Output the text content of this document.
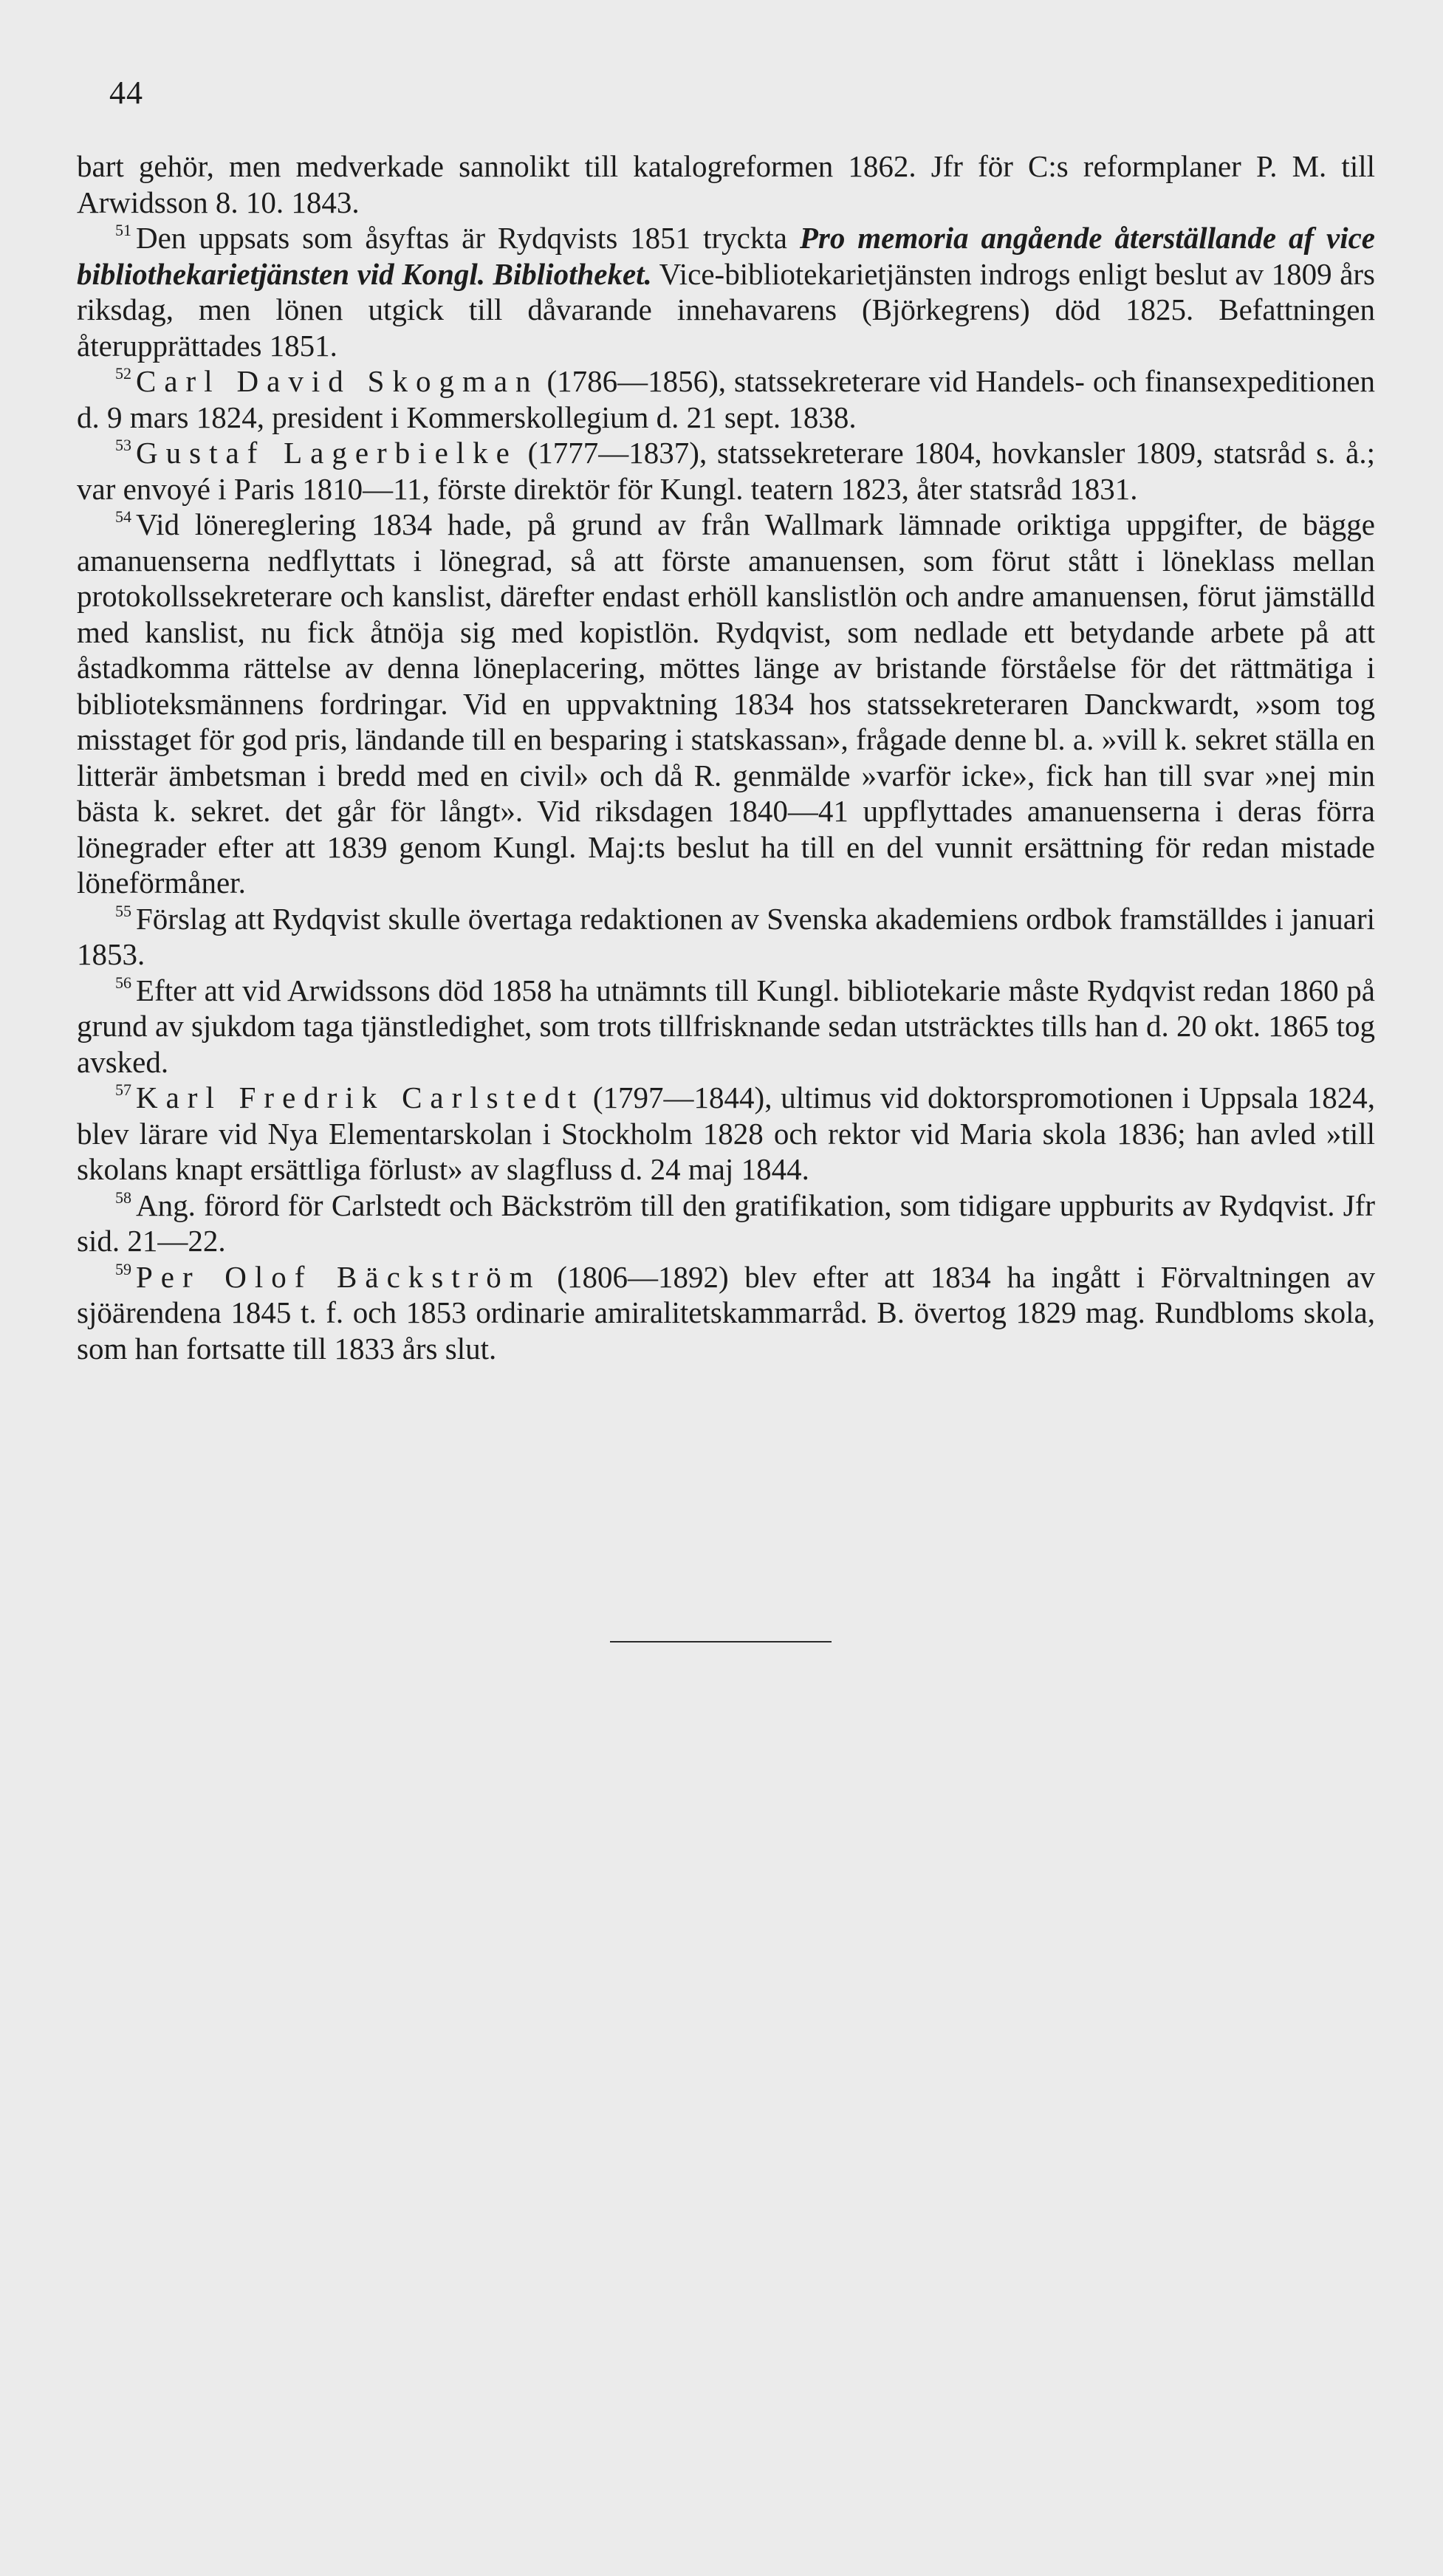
44

bart gehör, men medverkade sannolikt till katalogreformen 1862. Jfr för C:s reformplaner P. M. till Arwidsson 8. 10. 1843.

51 Den uppsats som åsyftas är Rydqvists 1851 tryckta Pro memoria angående återställande af vice bibliothekarietjänsten vid Kongl. Bibliotheket. Vice-bibliotekarietjänsten indrogs enligt beslut av 1809 års riksdag, men lönen utgick till dåvarande innehavarens (Björkegrens) död 1825. Befattningen återupprättades 1851.

52 Carl David Skogman (1786—1856), statssekreterare vid Handels- och finansexpeditionen d. 9 mars 1824, president i Kommerskollegium d. 21 sept. 1838.

53 Gustaf Lagerbielke (1777—1837), statssekreterare 1804, hovkansler 1809, statsråd s. å.; var envoyé i Paris 1810—11, förste direktör för Kungl. teatern 1823, åter statsråd 1831.

54 Vid lönereglering 1834 hade, på grund av från Wallmark lämnade oriktiga uppgifter, de bägge amanuenserna nedflyttats i lönegrad, så att förste amanuensen, som förut stått i löneklass mellan protokollssekreterare och kanslist, därefter endast erhöll kanslistlön och andre amanuensen, förut jämställd med kanslist, nu fick åtnöja sig med kopistlön. Rydqvist, som nedlade ett betydande arbete på att åstadkomma rättelse av denna löneplacering, möttes länge av bristande förståelse för det rättmätiga i biblioteksmännens fordringar. Vid en uppvaktning 1834 hos statssekreteraren Danckwardt, »som tog misstaget för god pris, ländande till en besparing i statskassan», frågade denne bl. a. »vill k. sekret ställa en litterär ämbetsman i bredd med en civil» och då R. genmälde »varför icke», fick han till svar »nej min bästa k. sekret. det går för långt». Vid riksdagen 1840—41 uppflyttades amanuenserna i deras förra lönegrader efter att 1839 genom Kungl. Maj:ts beslut ha till en del vunnit ersättning för redan mistade löneförmåner.

55 Förslag att Rydqvist skulle övertaga redaktionen av Svenska akademiens ordbok framställdes i januari 1853.

56 Efter att vid Arwidssons död 1858 ha utnämnts till Kungl. bibliotekarie måste Rydqvist redan 1860 på grund av sjukdom taga tjänstledighet, som trots tillfrisknande sedan utsträcktes tills han d. 20 okt. 1865 tog avsked.

57 Karl Fredrik Carlstedt (1797—1844), ultimus vid doktorspromotionen i Uppsala 1824, blev lärare vid Nya Elementarskolan i Stockholm 1828 och rektor vid Maria skola 1836; han avled »till skolans knapt ersättliga förlust» av slagfluss d. 24 maj 1844.

58 Ang. förord för Carlstedt och Bäckström till den gratifikation, som tidigare uppburits av Rydqvist. Jfr sid. 21—22.

59 Per Olof Bäckström (1806—1892) blev efter att 1834 ha ingått i Förvaltningen av sjöärendena 1845 t. f. och 1853 ordinarie amiralitetskammarråd. B. övertog 1829 mag. Rundbloms skola, som han fortsatte till 1833 års slut.
